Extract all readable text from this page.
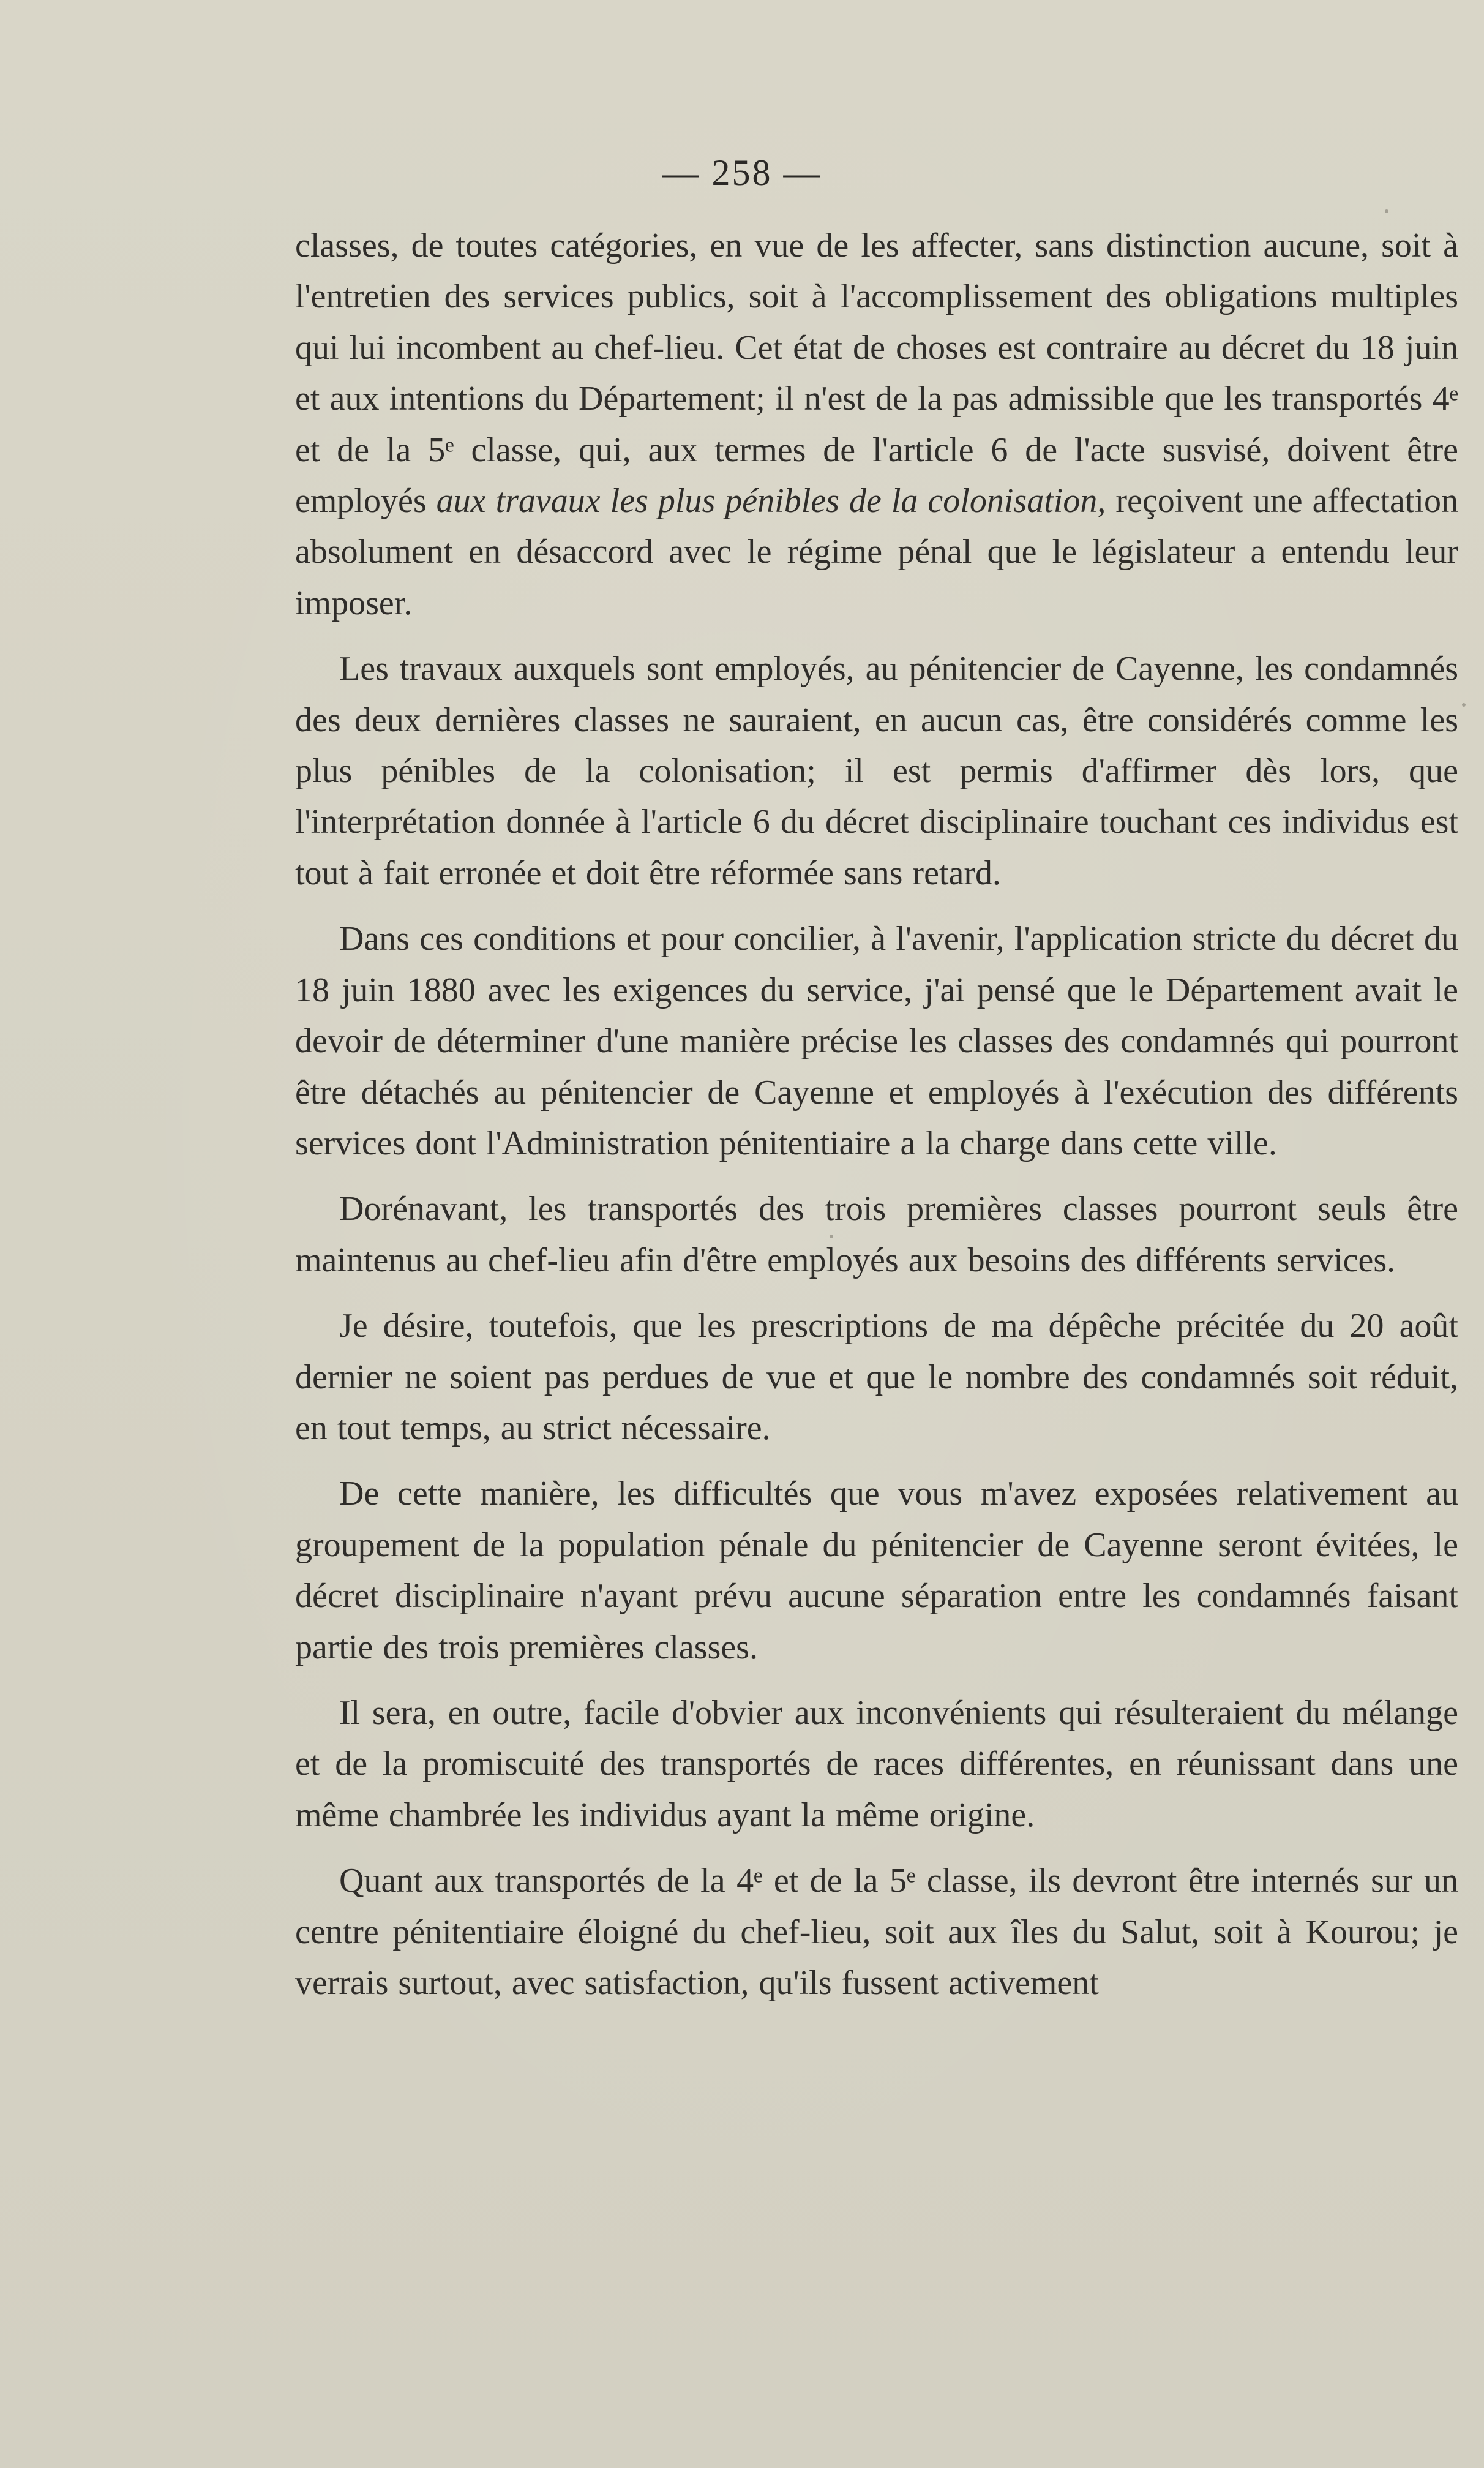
— 258 —

classes, de toutes catégories, en vue de les affecter, sans distinction aucune, soit à l'entretien des services publics, soit à l'accomplissement des obligations multiples qui lui incombent au chef-lieu. Cet état de choses est contraire au décret du 18 juin et aux intentions du Département; il n'est de la pas admissible que les transportés 4ᵉ et de la 5ᵉ classe, qui, aux termes de l'article 6 de l'acte susvisé, doivent être employés aux travaux les plus pénibles de la colonisation, reçoivent une affectation absolument en désaccord avec le régime pénal que le législateur a entendu leur imposer.

Les travaux auxquels sont employés, au pénitencier de Cayenne, les condamnés des deux dernières classes ne sauraient, en aucun cas, être considérés comme les plus pénibles de la colonisation; il est permis d'affirmer dès lors, que l'interprétation donnée à l'article 6 du décret disciplinaire touchant ces individus est tout à fait erronée et doit être réformée sans retard.

Dans ces conditions et pour concilier, à l'avenir, l'application stricte du décret du 18 juin 1880 avec les exigences du service, j'ai pensé que le Département avait le devoir de déterminer d'une manière précise les classes des condamnés qui pourront être détachés au pénitencier de Cayenne et employés à l'exécution des différents services dont l'Administration pénitentiaire a la charge dans cette ville.

Dorénavant, les transportés des trois premières classes pourront seuls être maintenus au chef-lieu afin d'être employés aux besoins des différents services.

Je désire, toutefois, que les prescriptions de ma dépêche précitée du 20 août dernier ne soient pas perdues de vue et que le nombre des condamnés soit réduit, en tout temps, au strict nécessaire.

De cette manière, les difficultés que vous m'avez exposées relativement au groupement de la population pénale du pénitencier de Cayenne seront évitées, le décret disciplinaire n'ayant prévu aucune séparation entre les condamnés faisant partie des trois premières classes.

Il sera, en outre, facile d'obvier aux inconvénients qui résulteraient du mélange et de la promiscuité des transportés de races différentes, en réunissant dans une même chambrée les individus ayant la même origine.

Quant aux transportés de la 4ᵉ et de la 5ᵉ classe, ils devront être internés sur un centre pénitentiaire éloigné du chef-lieu, soit aux îles du Salut, soit à Kourou; je verrais surtout, avec satisfaction, qu'ils fussent activement
